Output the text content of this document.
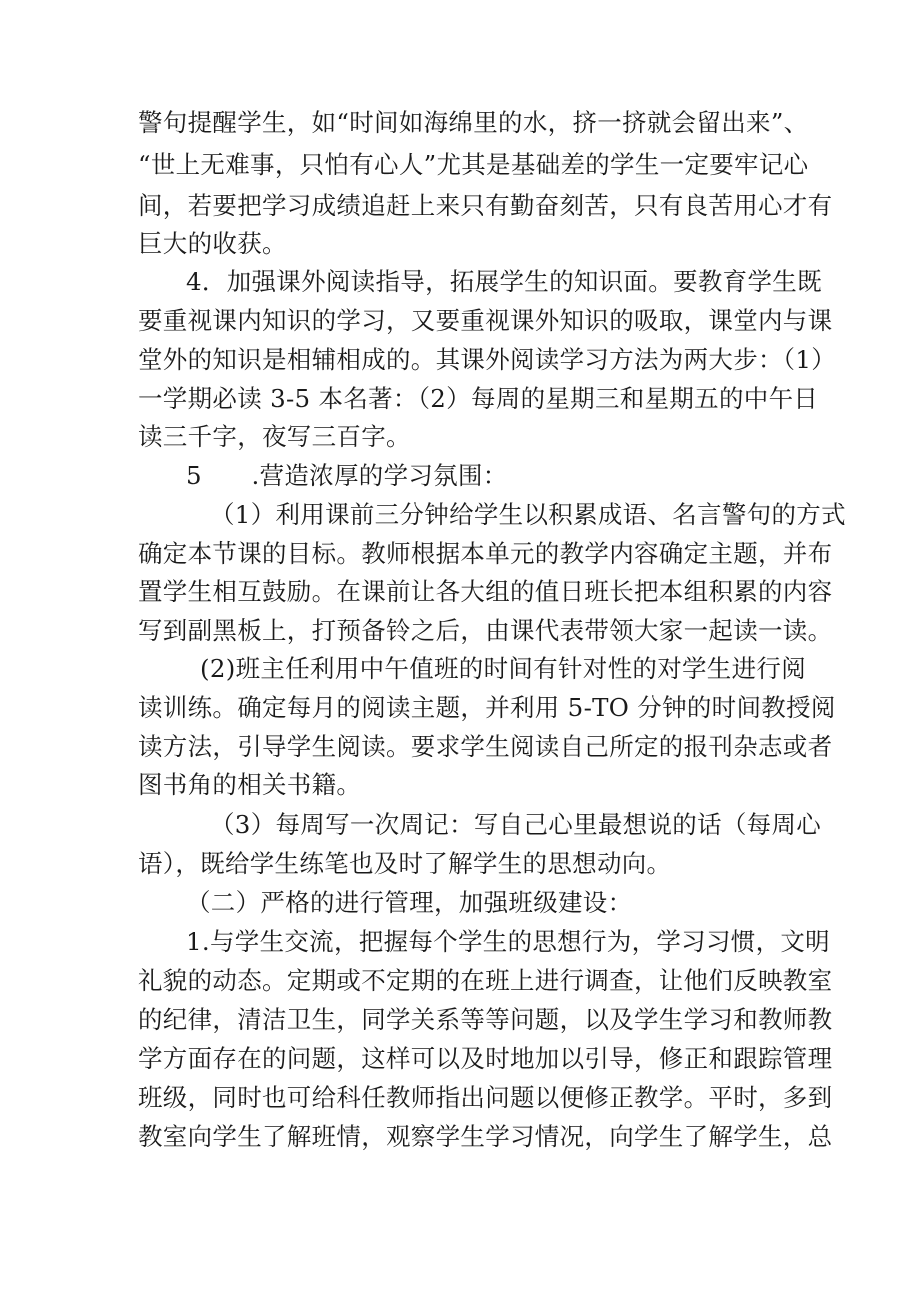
警句提醒学生，如“时间如海绵里的水，挤一挤就会留出来”、
“世上无难事，只怕有心人”尤其是基础差的学生一定要牢记心
间，若要把学习成绩追赶上来只有勤奋刻苦，只有良苦用心才有
巨大的收获。
4．加强课外阅读指导，拓展学生的知识面。要教育学生既
要重视课内知识的学习，又要重视课外知识的吸取，课堂内与课
堂外的知识是相辅相成的。其课外阅读学习方法为两大步：（1）
一学期必读 3-5 本名著：（2）每周的星期三和星期五的中午日
读三千字，夜写三百字。
5　　.营造浓厚的学习氛围：
（1）利用课前三分钟给学生以积累成语、名言警句的方式
确定本节课的目标。教师根据本单元的教学内容确定主题，并布
置学生相互鼓励。在课前让各大组的值日班长把本组积累的内容
写到副黑板上，打预备铃之后，由课代表带领大家一起读一读。
(2)班主任利用中午值班的时间有针对性的对学生进行阅
读训练。确定每月的阅读主题，并利用 5-TO 分钟的时间教授阅
读方法，引导学生阅读。要求学生阅读自己所定的报刊杂志或者
图书角的相关书籍。
（3）每周写一次周记：写自己心里最想说的话（每周心
语），既给学生练笔也及时了解学生的思想动向。
（二）严格的进行管理，加强班级建设：
1.与学生交流，把握每个学生的思想行为，学习习惯，文明
礼貌的动态。定期或不定期的在班上进行调查，让他们反映教室
的纪律，清洁卫生，同学关系等等问题，以及学生学习和教师教
学方面存在的问题，这样可以及时地加以引导，修正和跟踪管理
班级，同时也可给科任教师指出问题以便修正教学。平时，多到
教室向学生了解班情，观察学生学习情况，向学生了解学生，总
